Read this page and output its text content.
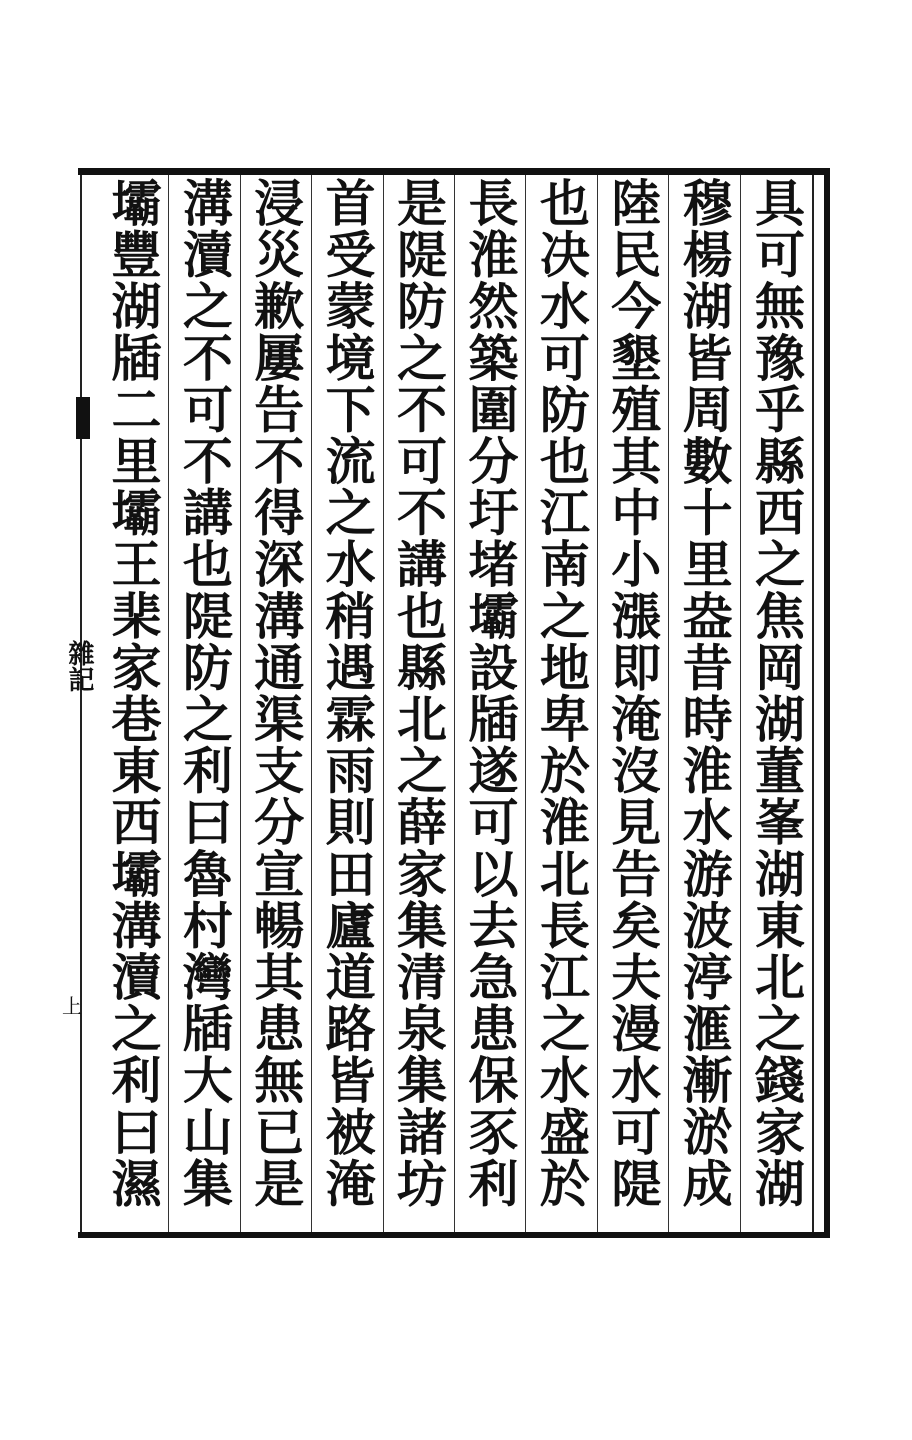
雜記
上	具可無豫乎縣西之焦岡湖董峯湖東北之錢家湖
穆楊湖皆周數十里盎昔時淮水游波渟滙漸淤成
陸民今墾殖其中小漲即淹沒見告矣夫漫水可隄
也决水可防也江南之地卑於淮北長江之水盛於
長淮然築圍分圩堵壩設牐遂可以去急患保豕利
是隄防之不可不講也縣北之薛家集清泉集諸坊
首受蒙境下流之水稍遇霖雨則田廬道路皆被淹
浸災歉屢告不得深溝通渠支分宣暢其患無已是
溝瀆之不可不講也隄防之利曰魯村灣牐大山集
壩豐湖牐二里壩王棐家巷東西壩溝瀆之利曰濕
